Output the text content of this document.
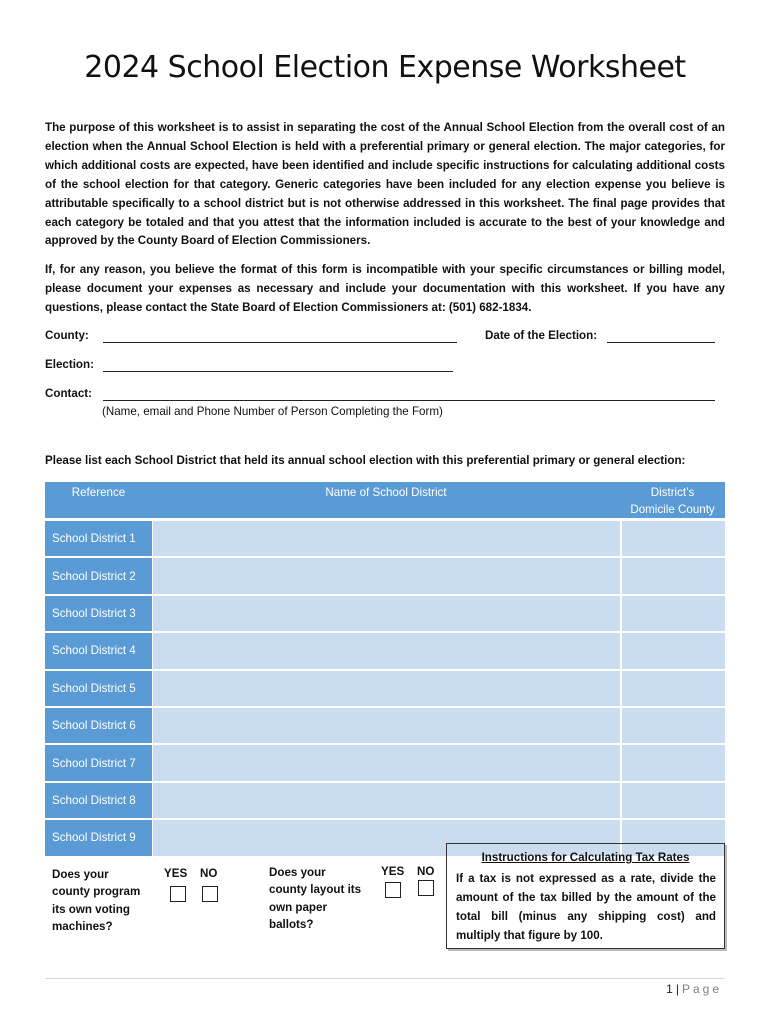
2024 School Election Expense Worksheet

The purpose of this worksheet is to assist in separating the cost of the Annual School Election from the overall cost of an election when the Annual School Election is held with a preferential primary or general election. The major categories, for which additional costs are expected, have been identified and include specific instructions for calculating additional costs of the school election for that category. Generic categories have been included for any election expense you believe is attributable specifically to a school district but is not otherwise addressed in this worksheet. The final page provides that each category be totaled and that you attest that the information included is accurate to the best of your knowledge and approved by the County Board of Election Commissioners.

If, for any reason, you believe the format of this form is incompatible with your specific circumstances or billing model, please document your expenses as necessary and include your documentation with this worksheet. If you have any questions, please contact the State Board of Election Commissioners at: (501) 682-1834.

County:	Date of the Election:
Election:
Contact:
(Name, email and Phone Number of Person Completing the Form)
Please list each School District that held its annual school election with this preferential primary or general election:
Reference	Name of School District	District’s
Domicile County
School District 1		
School District 2		
School District 3		
School District 4		
School District 5		
School District 6		
School District 7		
School District 8		
School District 9		
Does your
county program
its own voting
machines?
YES NO	Does your
county layout its
own paper
ballots?
YES NO
Instructions for Calculating Tax Rates

If a tax is not expressed as a rate, divide the amount of the tax billed by the amount of the total bill (minus any shipping cost) and multiply that figure by 100.

1 | Page
